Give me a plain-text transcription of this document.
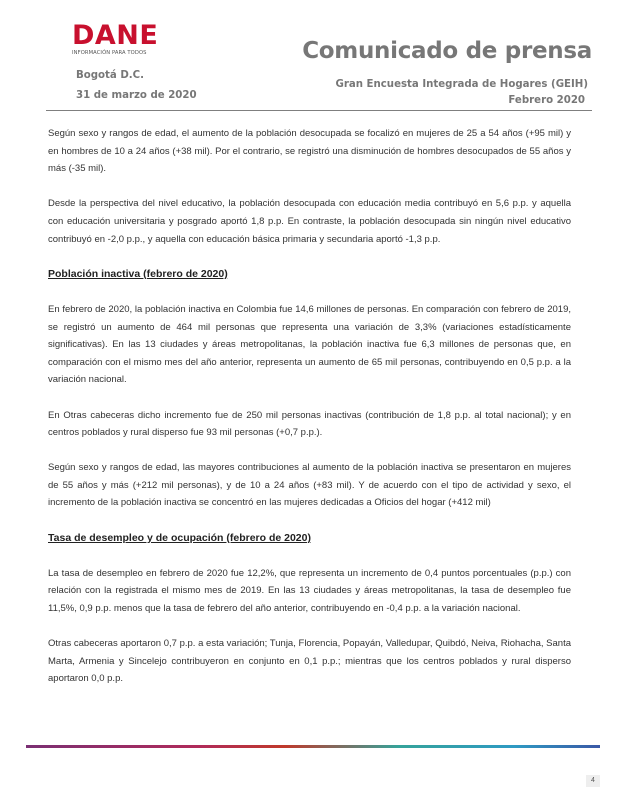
DANE
INFORMACIÓN PARA TODOS	Comunicado de prensa
Bogotá D.C.
31 de marzo de 2020
Gran Encuesta Integrada de Hogares (GEIH)
Febrero 2020

Según sexo y rangos de edad, el aumento de la población desocupada se focalizó en mujeres de 25 a 54 años (+95 mil) y en hombres de 10 a 24 años (+38 mil). Por el contrario, se registró una disminución de hombres desocupados de 55 años y más (-35 mil).

Desde la perspectiva del nivel educativo, la población desocupada con educación media contribuyó en 5,6 p.p. y aquella con educación universitaria y posgrado aportó 1,8 p.p. En contraste, la población desocupada sin ningún nivel educativo contribuyó en -2,0 p.p., y aquella con educación básica primaria y secundaria aportó -1,3 p.p.

Población inactiva (febrero de 2020)

En febrero de 2020, la población inactiva en Colombia fue 14,6 millones de personas. En comparación con febrero de 2019, se registró un aumento de 464 mil personas que representa una variación de 3,3% (variaciones estadísticamente significativas). En las 13 ciudades y áreas metropolitanas, la población inactiva fue 6,3 millones de personas que, en comparación con el mismo mes del año anterior, representa un aumento de 65 mil personas, contribuyendo en 0,5 p.p. a la variación nacional.

En Otras cabeceras dicho incremento fue de 250 mil personas inactivas (contribución de 1,8 p.p. al total nacional); y en centros poblados y rural disperso fue 93 mil personas (+0,7 p.p.).

Según sexo y rangos de edad, las mayores contribuciones al aumento de la población inactiva se presentaron en mujeres de 55 años y más (+212 mil personas), y de 10 a 24 años (+83 mil). Y de acuerdo con el tipo de actividad y sexo, el incremento de la población inactiva se concentró en las mujeres dedicadas a Oficios del hogar (+412 mil)

Tasa de desempleo y de ocupación (febrero de 2020)

La tasa de desempleo en febrero de 2020 fue 12,2%, que representa un incremento de 0,4 puntos porcentuales (p.p.) con relación con la registrada el mismo mes de 2019. En las 13 ciudades y áreas metropolitanas, la tasa de desempleo fue 11,5%, 0,9 p.p. menos que la tasa de febrero del año anterior, contribuyendo en -0,4 p.p. a la variación nacional.

Otras cabeceras aportaron 0,7 p.p. a esta variación; Tunja, Florencia, Popayán, Valledupar, Quibdó, Neiva, Riohacha, Santa Marta, Armenia y Sincelejo contribuyeron en conjunto en 0,1 p.p.; mientras que los centros poblados y rural disperso aportaron 0,0 p.p.

4
